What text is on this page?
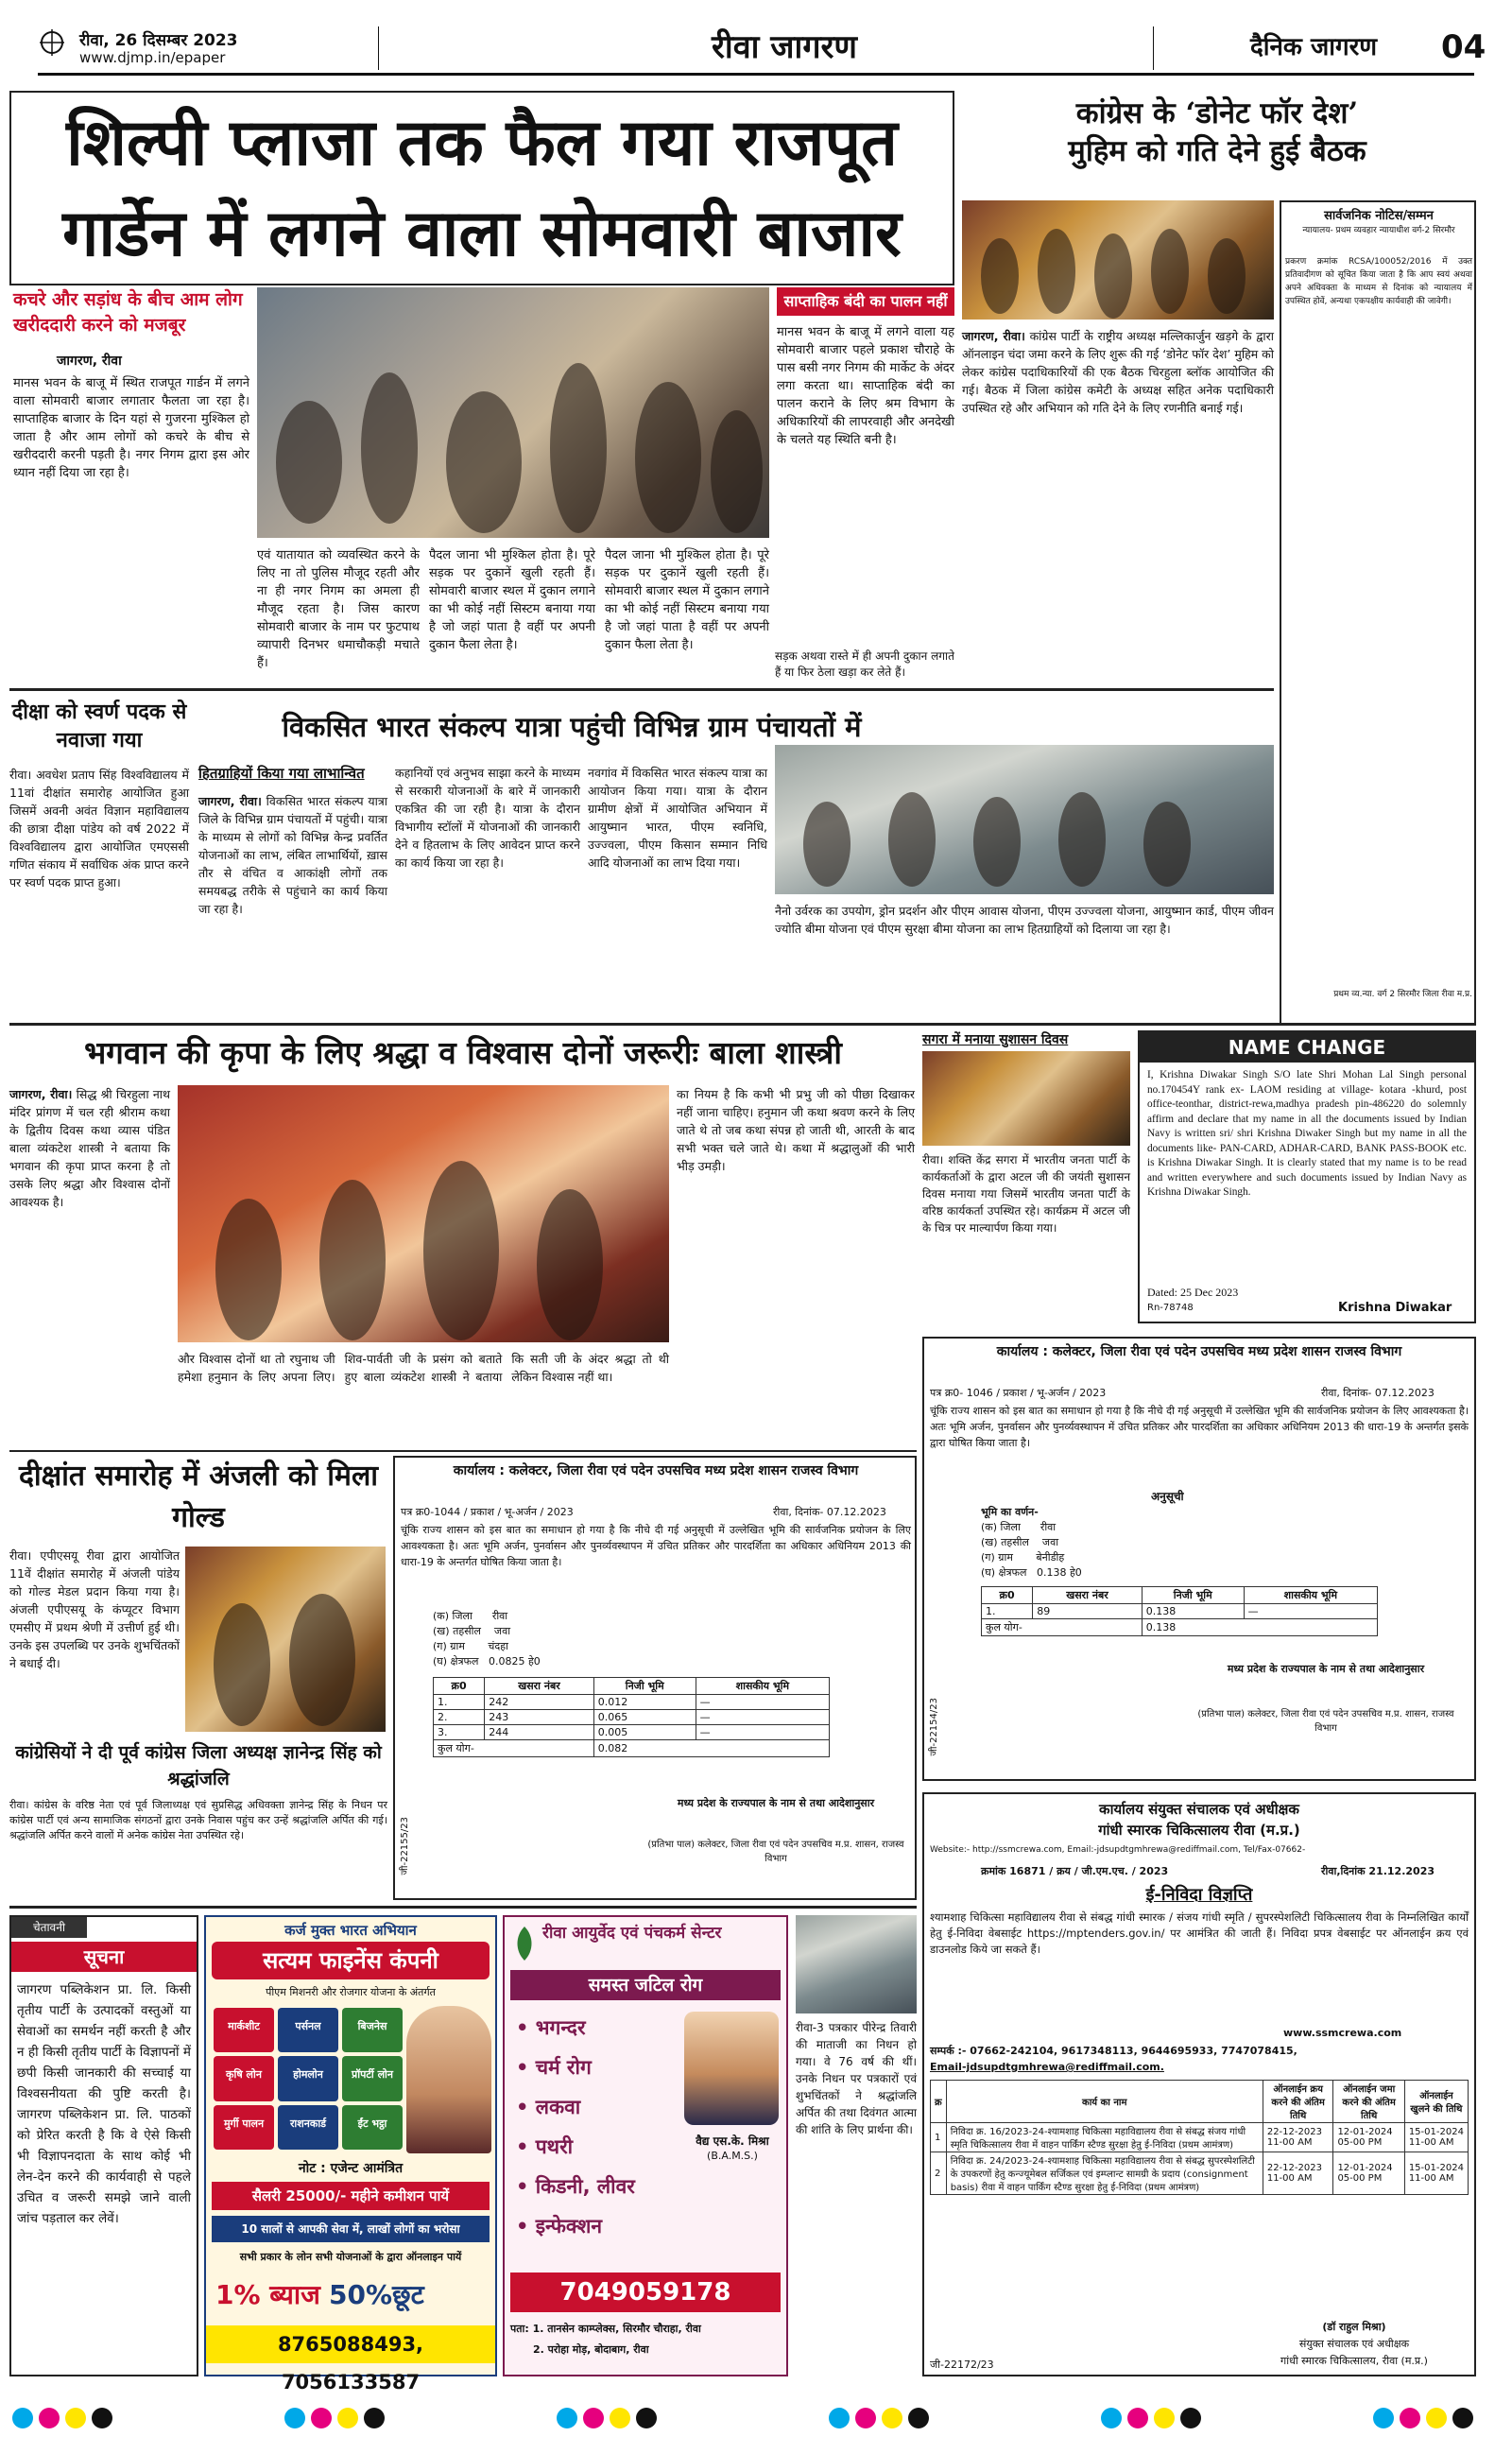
रीवा, 26 दिसम्बर 2023
www.djmp.in/epaper	रीवा जागरण	दैनिक जागरण	04
शिल्पी प्लाजा तक फैल गया राजपूत
गार्डेन में लगने वाला सोमवारी बाजार
कचरे और सड़ांध के बीच आम लोग खरीददारी करने को मजबूर
जागरण, रीवा
मानस भवन के बाजू में स्थित राजपूत गार्डन में लगने वाला सोमवारी बाजार लगातार फैलता जा रहा है। साप्ताहिक बाजार के दिन यहां से गुजरना मुश्किल हो जाता है और आम लोगों को कचरे के बीच से खरीददारी करनी पड़ती है। नगर निगम द्वारा इस ओर ध्यान नहीं दिया जा रहा है।
एवं यातायात को व्यवस्थित करने के लिए ना तो पुलिस मौजूद रहती और ना ही नगर निगम का अमला ही मौजूद रहता है। जिस कारण सोमवारी बाजार के नाम पर फुटपाथ व्यापारी दिनभर धमाचौकड़ी मचाते हैं।
पैदल जाना भी मुश्किल होता है। पूरे सड़क पर दुकानें खुली रहती हैं। सोमवारी बाजार स्थल में दुकान लगाने का भी कोई नहीं सिस्टम बनाया गया है जो जहां पाता है वहीं पर अपनी दुकान फैला लेता है।
सड़क अथवा रास्ते में ही अपनी दुकान लगाते हैं या फिर ठेला खड़ा कर लेते हैं।
साप्ताहिक बंदी का पालन नहीं
मानस भवन के बाजू में लगने वाला यह सोमवारी बाजार पहले प्रकाश चौराहे के पास बसी नगर निगम की मार्केट के अंदर लगा करता था। साप्ताहिक बंदी का पालन कराने के लिए श्रम विभाग के अधिकारियों की लापरवाही और अनदेखी के चलते यह स्थिति बनी है।
पैदल जाना भी मुश्किल होता है। पूरे सड़क पर दुकानें खुली रहती हैं। सोमवारी बाजार स्थल में दुकान लगाने का भी कोई नहीं सिस्टम बनाया गया है जो जहां पाता है वहीं पर अपनी दुकान फैला लेता है।
कांग्रेस के ‘डोनेट फॉर देश’
मुहिम को गति देने हुई बैठक
जागरण, रीवा। कांग्रेस पार्टी के राष्ट्रीय अध्यक्ष मल्लिकार्जुन खड़गे के द्वारा ऑनलाइन चंदा जमा करने के लिए शुरू की गई ‘डोनेट फॉर देश’ मुहिम को लेकर कांग्रेस पदाधिकारियों की एक बैठक चिरहुला ब्लॉक आयोजित की गई। बैठक में जिला कांग्रेस कमेटी के अध्यक्ष सहित अनेक पदाधिकारी उपस्थित रहे और अभियान को गति देने के लिए रणनीति बनाई गई।
सार्वजनिक नोटिस/सम्मन
न्यायालय- प्रथम व्यवहार न्यायाधीश वर्ग-2 सिरमौर
प्रकरण क्रमांक RCSA/100052/2016 में उक्त प्रतिवादीगण को सूचित किया जाता है कि आप स्वयं अथवा अपने अधिवक्ता के माध्यम से दिनांक को न्यायालय में उपस्थित होवें, अन्यथा एकपक्षीय कार्यवाही की जावेगी।
प्रथम व्य.न्या. वर्ग 2 सिरमौर जिला रीवा म.प्र.
दीक्षा को स्वर्ण पदक से नवाजा गया
रीवा। अवधेश प्रताप सिंह विश्वविद्यालय में 11वां दीक्षांत समारोह आयोजित हुआ जिसमें अवनी अवंत विज्ञान महाविद्यालय की छात्रा दीक्षा पांडेय को वर्ष 2022 में विश्वविद्यालय द्वारा आयोजित एमएससी गणित संकाय में सर्वाधिक अंक प्राप्त करने पर स्वर्ण पदक प्राप्त हुआ।
विकसित भारत संकल्प यात्रा पहुंची विभिन्न ग्राम पंचायतों में
हितग्राहियों किया गया लाभान्वित
जागरण, रीवा। विकसित भारत संकल्प यात्रा जिले के विभिन्न ग्राम पंचायतों में पहुंची। यात्रा के माध्यम से लोगों को विभिन्न केन्द्र प्रवर्तित योजनाओं का लाभ, लंबित लाभार्थियों, ख़ास तौर से वंचित व आकांक्षी लोगों तक समयबद्ध तरीके से पहुंचाने का कार्य किया जा रहा है।
कहानियों एवं अनुभव साझा करने के माध्यम से सरकारी योजनाओं के बारे में जानकारी एकत्रित की जा रही है। यात्रा के दौरान विभागीय स्टॉलों में योजनाओं की जानकारी देने व हितलाभ के लिए आवेदन प्राप्त करने का कार्य किया जा रहा है।
नवगांव में विकसित भारत संकल्प यात्रा का आयोजन किया गया। यात्रा के दौरान ग्रामीण क्षेत्रों में आयोजित अभियान में आयुष्मान भारत, पीएम स्वनिधि, उज्ज्वला, पीएम किसान सम्मान निधि आदि योजनाओं का लाभ दिया गया।
नैनो उर्वरक का उपयोग, ड्रोन प्रदर्शन और पीएम आवास योजना, पीएम उज्ज्वला योजना, आयुष्मान कार्ड, पीएम जीवन ज्योति बीमा योजना एवं पीएम सुरक्षा बीमा योजना का लाभ हितग्राहियों को दिलाया जा रहा है।
भगवान की कृपा के लिए श्रद्धा व विश्वास दोनों जरूरीः बाला शास्त्री
जागरण, रीवा। सिद्ध श्री चिरहुला नाथ मंदिर प्रांगण में चल रही श्रीराम कथा के द्वितीय दिवस कथा व्यास पंडित बाला व्यंकटेश शास्त्री ने बताया कि भगवान की कृपा प्राप्त करना है तो उसके लिए श्रद्धा और विश्वास दोनों आवश्यक है।
और विश्वास दोनों था तो रघुनाथ जी हमेशा हनुमान के लिए अपना लिए। शिव-पार्वती जी के प्रसंग को बताते हुए बाला व्यंकटेश शास्त्री ने बताया कि सती जी के अंदर श्रद्धा तो थी लेकिन विश्वास नहीं था।
का नियम है कि कभी भी प्रभु जी को पीछा दिखाकर नहीं जाना चाहिए। हनुमान जी कथा श्रवण करने के लिए जाते थे तो जब कथा संपन्न हो जाती थी, आरती के बाद सभी भक्त चले जाते थे। कथा में श्रद्धालुओं की भारी भीड़ उमड़ी।
सगरा में मनाया सुशासन दिवस
रीवा। शक्ति केंद्र सगरा में भारतीय जनता पार्टी के कार्यकर्ताओं के द्वारा अटल जी की जयंती सुशासन दिवस मनाया गया जिसमें भारतीय जनता पार्टी के वरिष्ठ कार्यकर्ता उपस्थित रहे। कार्यक्रम में अटल जी के चित्र पर माल्यार्पण किया गया।
NAME CHANGE
I, Krishna Diwakar Singh S/O late Shri Mohan Lal Singh personal no.170454Y rank ex- LAOM residing at village- kotara -khurd, post office-teonthar, district-rewa,madhya pradesh pin-486220 do solemnly affirm and declare that my name in all the documents issued by Indian Navy is written sri/ shri Krishna Diwaker Singh but my name in all the documents like- PAN-CARD, ADHAR-CARD, BANK PASS-BOOK etc. is Krishna Diwakar Singh. It is clearly stated that my name is to be read and written everywhere and such documents issued by Indian Navy as Krishna Diwakar Singh.
Dated: 25 Dec 2023
Rn-78748	Krishna Diwakar
कार्यालय : कलेक्टर, जिला रीवा एवं पदेन उपसचिव मध्य प्रदेश शासन राजस्व विभाग
पत्र क्र0- 1046 / प्रकाश / भू-अर्जन / 2023	रीवा, दिनांक- 07.12.2023
चूंकि राज्य शासन को इस बात का समाधान हो गया है कि नीचे दी गई अनुसूची में उल्लेखित भूमि की सार्वजनिक प्रयोजन के लिए आवश्यकता है। अतः भूमि अर्जन, पुनर्वासन और पुनर्व्यवस्थापन में उचित प्रतिकर और पारदर्शिता का अधिकार अधिनियम 2013 की धारा-19 के अन्तर्गत इसके द्वारा घोषित किया जाता है।
अनुसूची
भूमि का वर्णन-
(क) जिला      रीवा
(ख) तहसील    जवा
(ग) ग्राम       बेनीडीह
(घ) क्षेत्रफल   0.138 हे0
क्र0	खसरा नंबर	निजी भूमि	शासकीय भूमि
1.	89	0.138	—
कुल योग-		0.138	
मध्य प्रदेश के राज्यपाल के नाम से तथा आदेशानुसार
(प्रतिभा पाल) कलेक्टर, जिला रीवा एवं पदेन उपसचिव म.प्र. शासन, राजस्व विभाग
जी-22154/23
दीक्षांत समारोह में अंजली को मिला गोल्ड
रीवा। एपीएसयू रीवा द्वारा आयोजित 11वें दीक्षांत समारोह में अंजली पांडेय को गोल्ड मेडल प्रदान किया गया है। अंजली एपीएसयू के कंप्यूटर विभाग एमसीए में प्रथम श्रेणी में उत्तीर्ण हुई थी। उनके इस उपलब्धि पर उनके शुभचिंतकों ने बधाई दी।
कार्यालय : कलेक्टर, जिला रीवा एवं पदेन उपसचिव मध्य प्रदेश शासन राजस्व विभाग
पत्र क्र0-1044 / प्रकाश / भू-अर्जन / 2023	रीवा, दिनांक- 07.12.2023
चूंकि राज्य शासन को इस बात का समाधान हो गया है कि नीचे दी गई अनुसूची में उल्लेखित भूमि की सार्वजनिक प्रयोजन के लिए आवश्यकता है। अतः भूमि अर्जन, पुनर्वासन और पुनर्व्यवस्थापन में उचित प्रतिकर और पारदर्शिता का अधिकार अधिनियम 2013 की धारा-19 के अन्तर्गत घोषित किया जाता है।
(क) जिला      रीवा
(ख) तहसील    जवा
(ग) ग्राम       चंदहा
(घ) क्षेत्रफल   0.0825 हे0
क्र0	खसरा नंबर	निजी भूमि	शासकीय भूमि
1.	242	0.012	—
2.	243	0.065	—
3.	244	0.005	—
कुल योग-		0.082	
मध्य प्रदेश के राज्यपाल के नाम से तथा आदेशानुसार
(प्रतिभा पाल) कलेक्टर, जिला रीवा एवं पदेन उपसचिव म.प्र. शासन, राजस्व विभाग
जी-22155/23
कांग्रेसियों ने दी पूर्व कांग्रेस जिला अध्यक्ष ज्ञानेन्द्र सिंह को श्रद्धांजलि
रीवा। कांग्रेस के वरिष्ठ नेता एवं पूर्व जिलाध्यक्ष एवं सुप्रसिद्ध अधिवक्ता ज्ञानेन्द्र सिंह के निधन पर कांग्रेस पार्टी एवं अन्य सामाजिक संगठनों द्वारा उनके निवास पहुंच कर उन्हें श्रद्धांजलि अर्पित की गई। श्रद्धांजलि अर्पित करने वालों में अनेक कांग्रेस नेता उपस्थित रहे।
कार्यालय संयुक्त संचालक एवं अधीक्षक
गांधी स्मारक चिकित्सालय रीवा (म.प्र.)
Website:- http://ssmcrewa.com, Email:-jdsupdtgmhrewa@rediffmail.com, Tel/Fax-07662-
क्रमांक 16871 / क्रय / जी.एम.एच. / 2023	रीवा,दिनांक 21.12.2023
ई-निविदा विज्ञप्ति
श्यामशाह चिकित्सा महाविद्यालय रीवा से संबद्ध गांधी स्मारक / संजय गांधी स्मृति / सुपरस्पेशलिटी चिकित्सालय रीवा के निम्नलिखित कार्यों हेतु ई-निविदा वेबसाईट https://mptenders.gov.in/ पर आमंत्रित की जाती हैं। निविदा प्रपत्र वेबसाईट पर ऑनलाईन क्रय एवं डाउनलोड किये जा सकते हैं।
www.ssmcrewa.com
सम्पर्क :- 07662-242104, 9617348113, 9644695933, 7747078415,
Email-jdsupdtgmhrewa@rediffmail.com.
क्र	कार्य का नाम	ऑनलाईन क्रय करने की अंतिम तिथि	ऑनलाईन जमा करने की अंतिम तिथि	ऑनलाईन खुलने की तिथि
1	निविदा क्र. 16/2023-24-श्यामशाह चिकित्सा महाविद्यालय रीवा से संबद्ध संजय गांधी स्मृति चिकित्सालय रीवा में वाहन पार्किंग स्टैण्ड सुरक्षा हेतु ई-निविदा (प्रथम आमंत्रण)	22-12-2023 11-00 AM	12-01-2024 05-00 PM	15-01-2024 11-00 AM
2	निविदा क्र. 24/2023-24-श्यामशाह चिकित्सा महाविद्यालय रीवा से संबद्ध सुपरस्पेशलिटी के उपकरणों हेतु कन्ज्यूमेबल सर्जिकल एवं इम्प्लान्ट सामग्री के प्रदाय (consignment basis) रीवा में वाहन पार्किंग स्टैण्ड सुरक्षा हेतु ई-निविदा (प्रथम आमंत्रण)	22-12-2023 11-00 AM	12-01-2024 05-00 PM	15-01-2024 11-00 AM
(डॉ राहुल मिश्रा)
संयुक्त संचालक एवं अधीक्षक
गांधी स्मारक चिकित्सालय, रीवा (म.प्र.)
जी-22172/23
चेतावनी
सूचना
जागरण पब्लिकेशन प्रा. लि. किसी तृतीय पार्टी के उत्पादकों वस्तुओं या सेवाओं का समर्थन नहीं करती है और न ही किसी तृतीय पार्टी के विज्ञापनों में छपी किसी जानकारी की सच्चाई या विश्वसनीयता की पुष्टि करती है। जागरण पब्लिकेशन प्रा. लि. पाठकों को प्रेरित करती है कि वे ऐसे किसी भी विज्ञापनदाता के साथ कोई भी लेन-देन करने की कार्यवाही से पहले उचित व जरूरी समझे जाने वाली जांच पड़ताल कर लेवें।
कर्ज मुक्त भारत अभियान
सत्यम फाइनेंस कंपनी
पीएम मिशनरी और रोजगार योजना के अंतर्गत
मार्कशीट	पर्सनल	बिजनेस
कृषि लोन	होमलोन	प्रॉपर्टी लोन
मुर्गी पालन	राशनकार्ड	ईंट भट्ठा
नोट : एजेन्ट आमंत्रित
सैलरी 25000/- महीने कमीशन पायें
10 सालों से आपकी सेवा में, लाखों लोगों का भरोसा
सभी प्रकार के लोन सभी योजनाओं के द्वारा ऑनलाइन पायें
1% ब्याज 50%छूट
8765088493, 7056133587
रीवा आयुर्वेद एवं पंचकर्म सेन्टर
समस्त जटिल रोग
• भगन्दर
• चर्म रोग
• लकवा
• पथरी
• किडनी, लीवर
• इन्फेक्शन
वैद्य एस.के. मिश्रा
(B.A.M.S.)
7049059178
पता: 1. तानसेन काम्प्लेक्स, सिरमौर चौराहा, रीवा
2. परोहा मोड़, बोदाबाग, रीवा
रीवा-3 पत्रकार पीरेन्द्र तिवारी की माताजी का निधन हो गया। वे 76 वर्ष की थीं। उनके निधन पर पत्रकारों एवं शुभचिंतकों ने श्रद्धांजलि अर्पित की तथा दिवंगत आत्मा की शांति के लिए प्रार्थना की।
